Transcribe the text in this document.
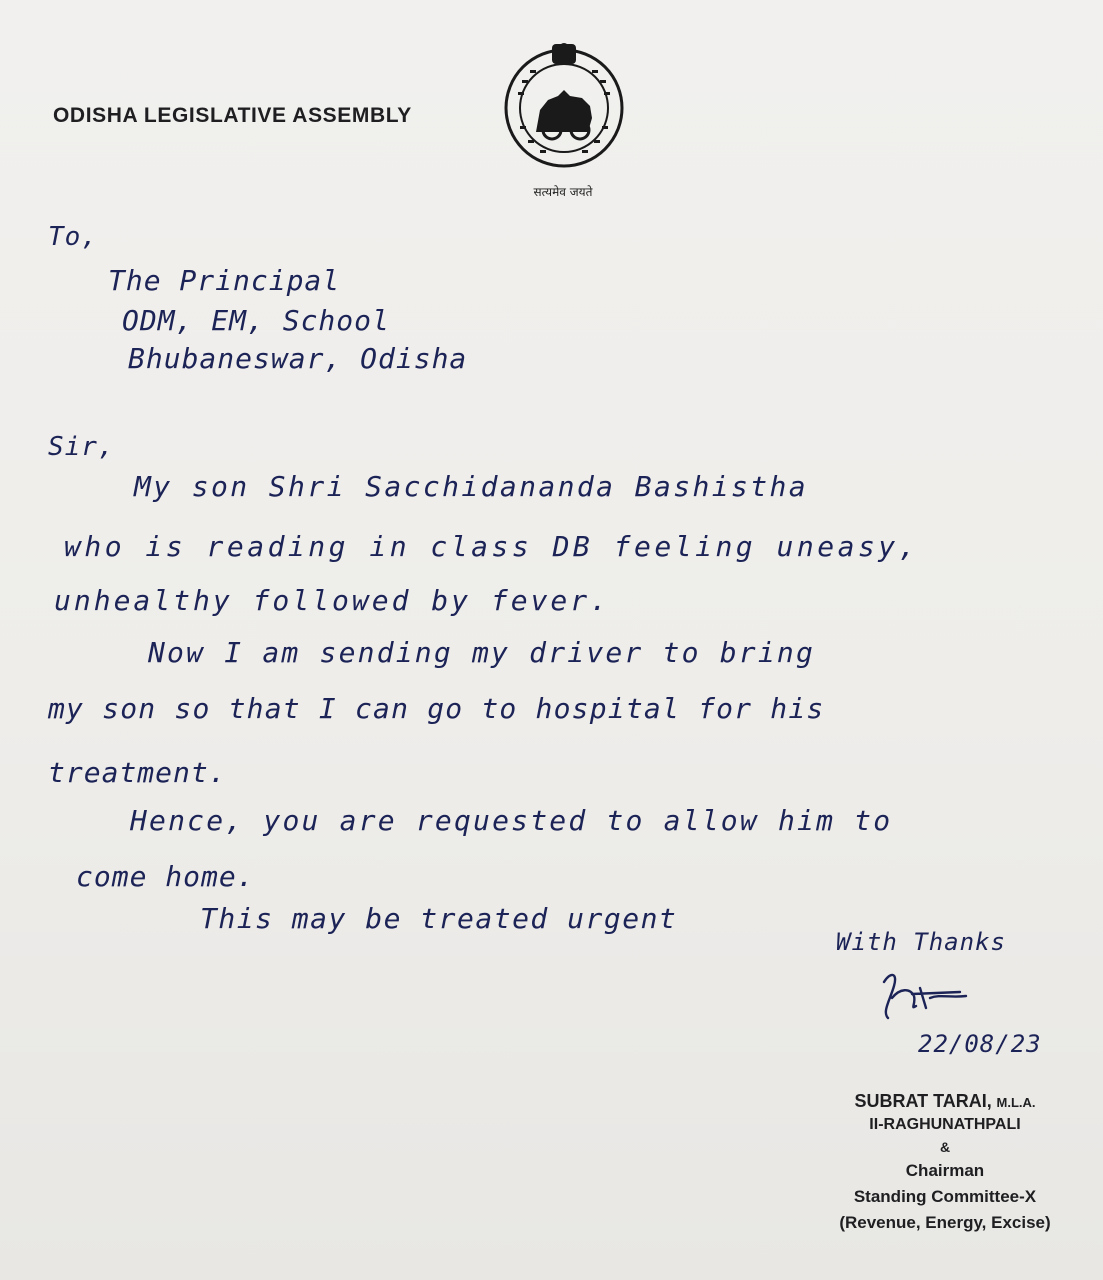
ODISHA LEGISLATIVE ASSEMBLY
सत्यमेव जयते
To,
The Principal
ODM, EM, School
Bhubaneswar, Odisha
Sir,
My son Shri Sacchidananda Bashistha
who is reading in class DB feeling uneasy,
unhealthy followed by fever.
Now I am sending my driver to bring
my son so that I can go to hospital for his
treatment.
Hence, you are requested to allow him to
come home.
This may be treated urgent
With Thanks
22/08/23
SUBRAT TARAI, M.L.A.
II-RAGHUNATHPALI
&
Chairman
Standing Committee-X
(Revenue, Energy, Excise)
